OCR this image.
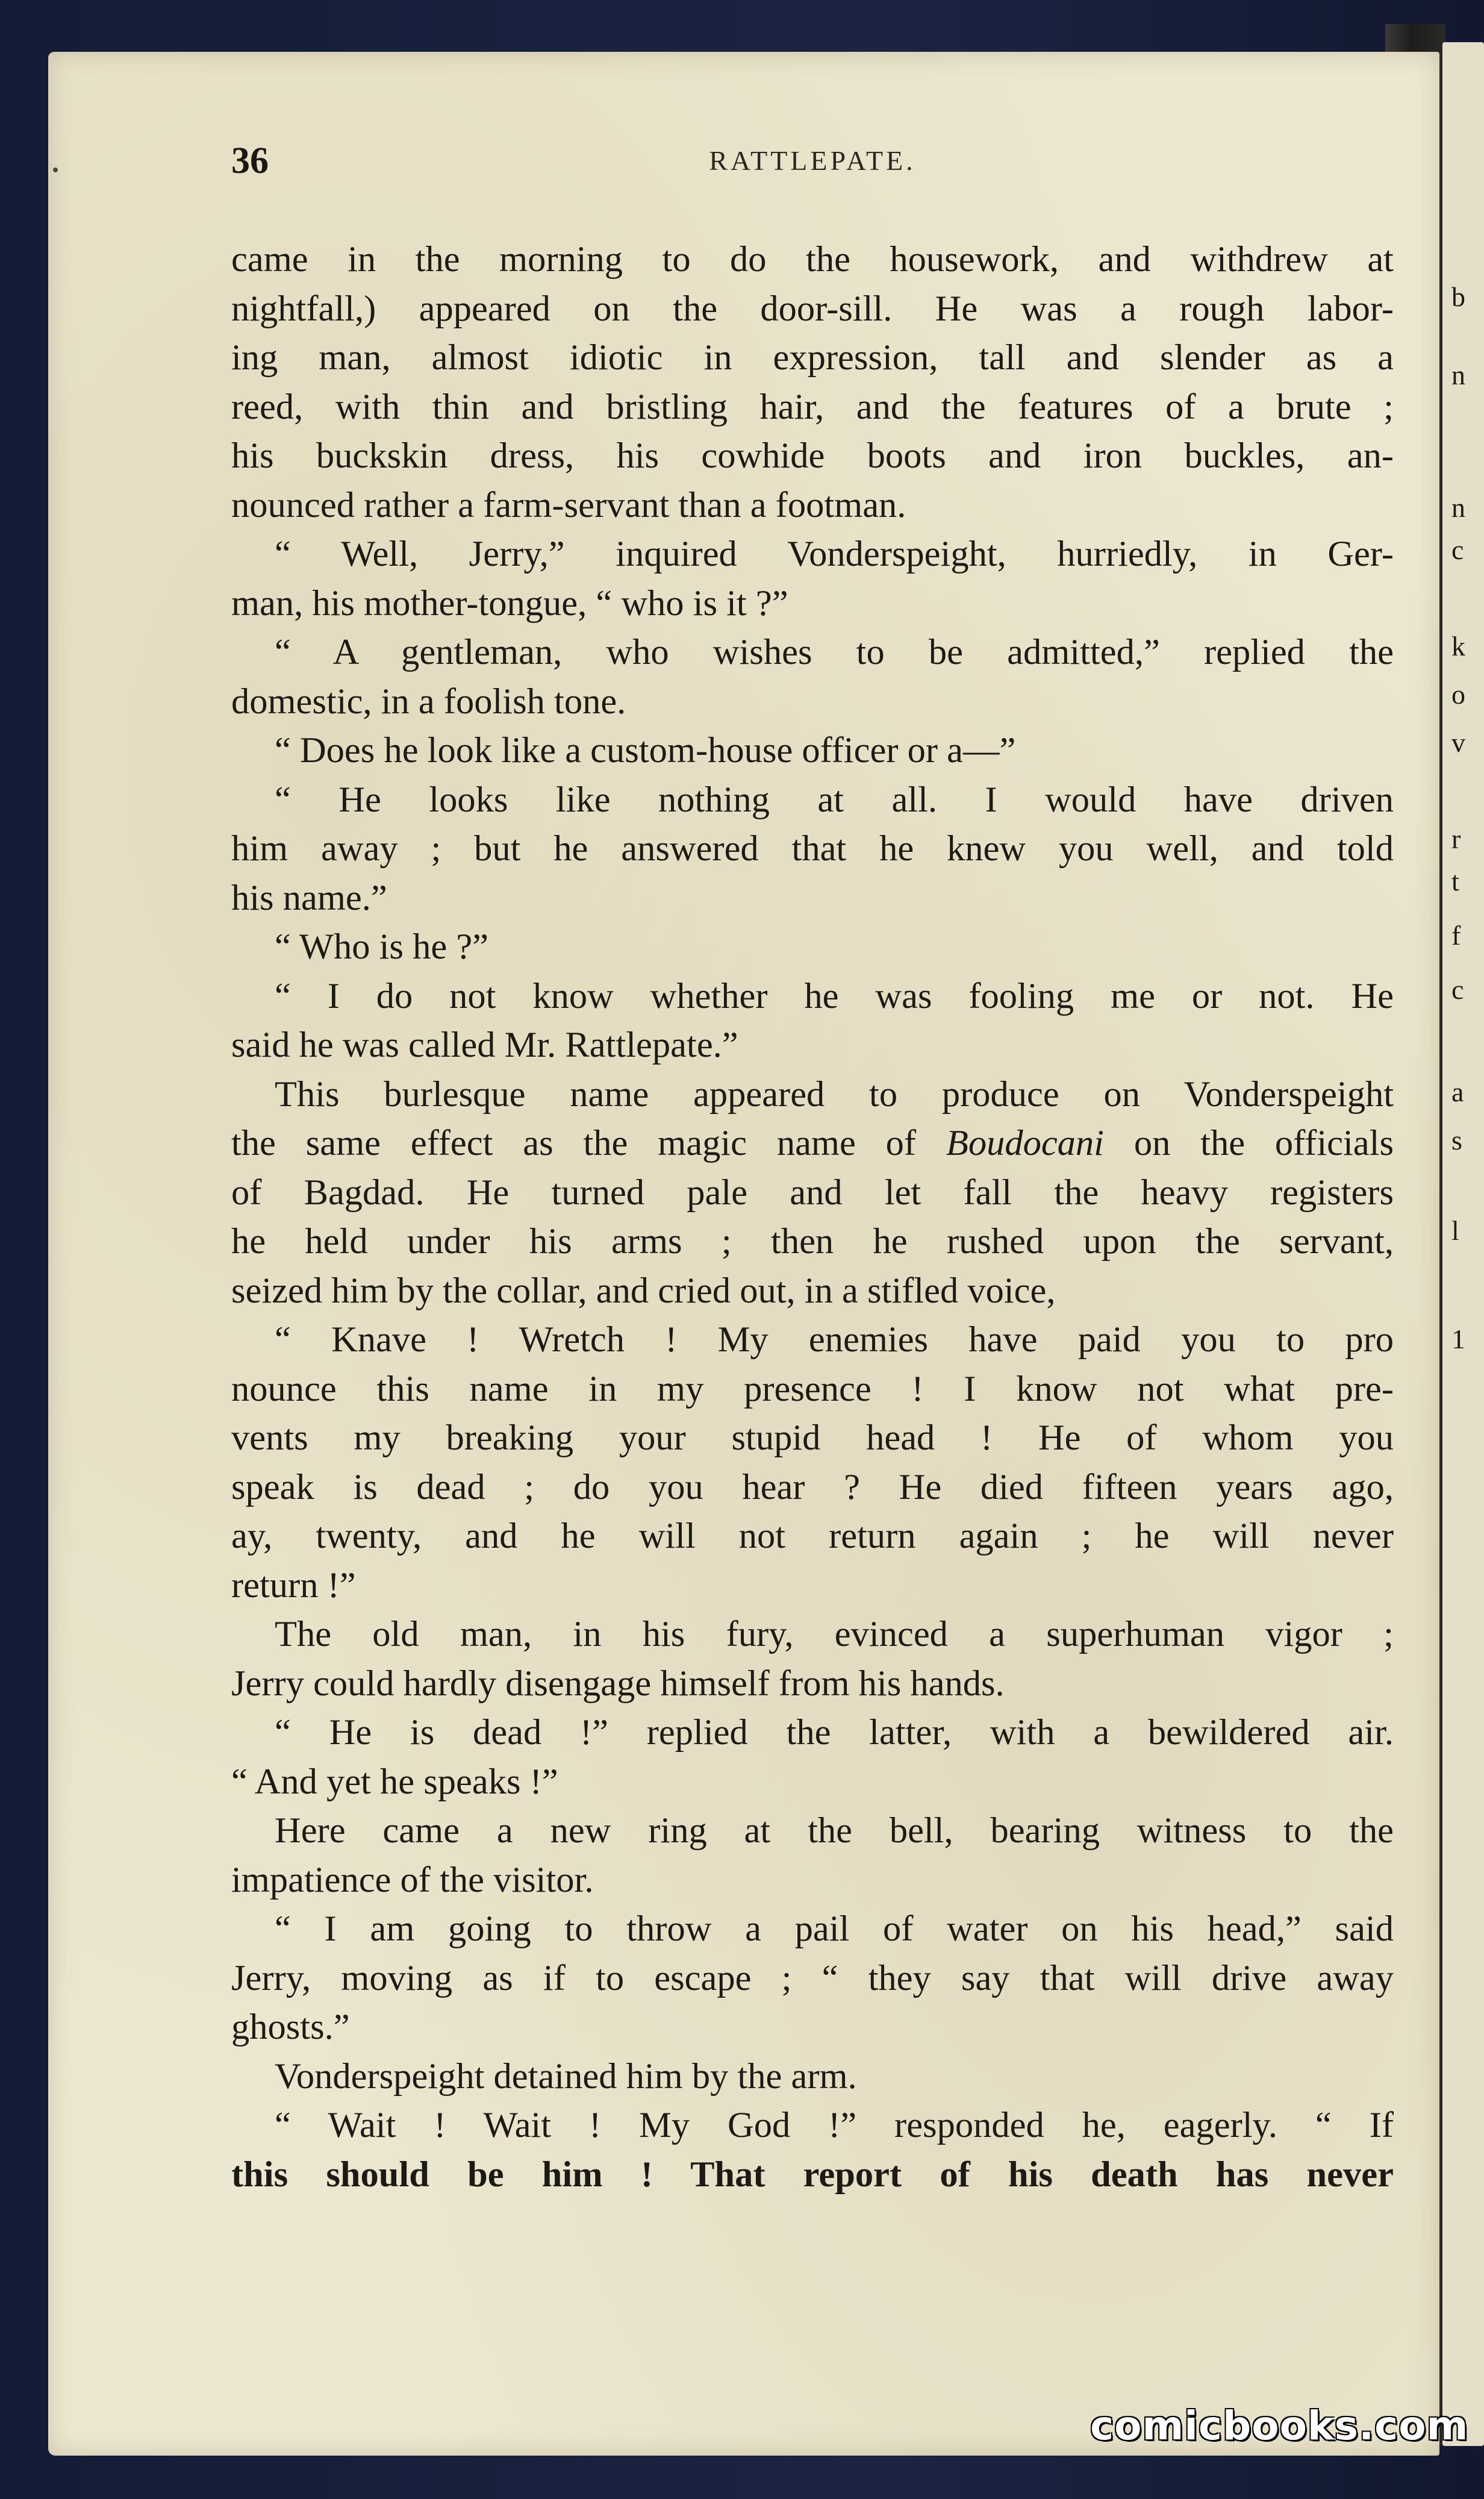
b
n
n
c
k
o
v
r
t
f
c
a
s
l
1
36	RATTLEPATE.
came in the morning to do the housework, and withdrew at
nightfall,) appeared on the door-sill. He was a rough labor-
ing man, almost idiotic in expression, tall and slender as a
reed, with thin and bristling hair, and the features of a brute ;
his buckskin dress, his cowhide boots and iron buckles, an-
nounced rather a farm-servant than a footman.
“ Well, Jerry,” inquired Vonderspeight, hurriedly, in Ger-
man, his mother-tongue, “ who is it ?”
“ A gentleman, who wishes to be admitted,” replied the
domestic, in a foolish tone.
“ Does he look like a custom-house officer or a—”
“ He looks like nothing at all. I would have driven
him away ; but he answered that he knew you well, and told
his name.”
“ Who is he ?”
“ I do not know whether he was fooling me or not. He
said he was called Mr. Rattlepate.”
This burlesque name appeared to produce on Vonderspeight
the same effect as the magic name of Boudocani on the officials
of Bagdad. He turned pale and let fall the heavy registers
he held under his arms ; then he rushed upon the servant,
seized him by the collar, and cried out, in a stifled voice,
“ Knave ! Wretch ! My enemies have paid you to pro
nounce this name in my presence ! I know not what pre-
vents my breaking your stupid head ! He of whom you
speak is dead ; do you hear ? He died fifteen years ago,
ay, twenty, and he will not return again ; he will never
return !”
The old man, in his fury, evinced a superhuman vigor ;
Jerry could hardly disengage himself from his hands.
“ He is dead !” replied the latter, with a bewildered air.
“ And yet he speaks !”
Here came a new ring at the bell, bearing witness to the
impatience of the visitor.
“ I am going to throw a pail of water on his head,” said
Jerry, moving as if to escape ; “ they say that will drive away
ghosts.”
Vonderspeight detained him by the arm.
“ Wait ! Wait ! My God !” responded he, eagerly. “ If
this should be him ! That report of his death has never
comicbooks.com
